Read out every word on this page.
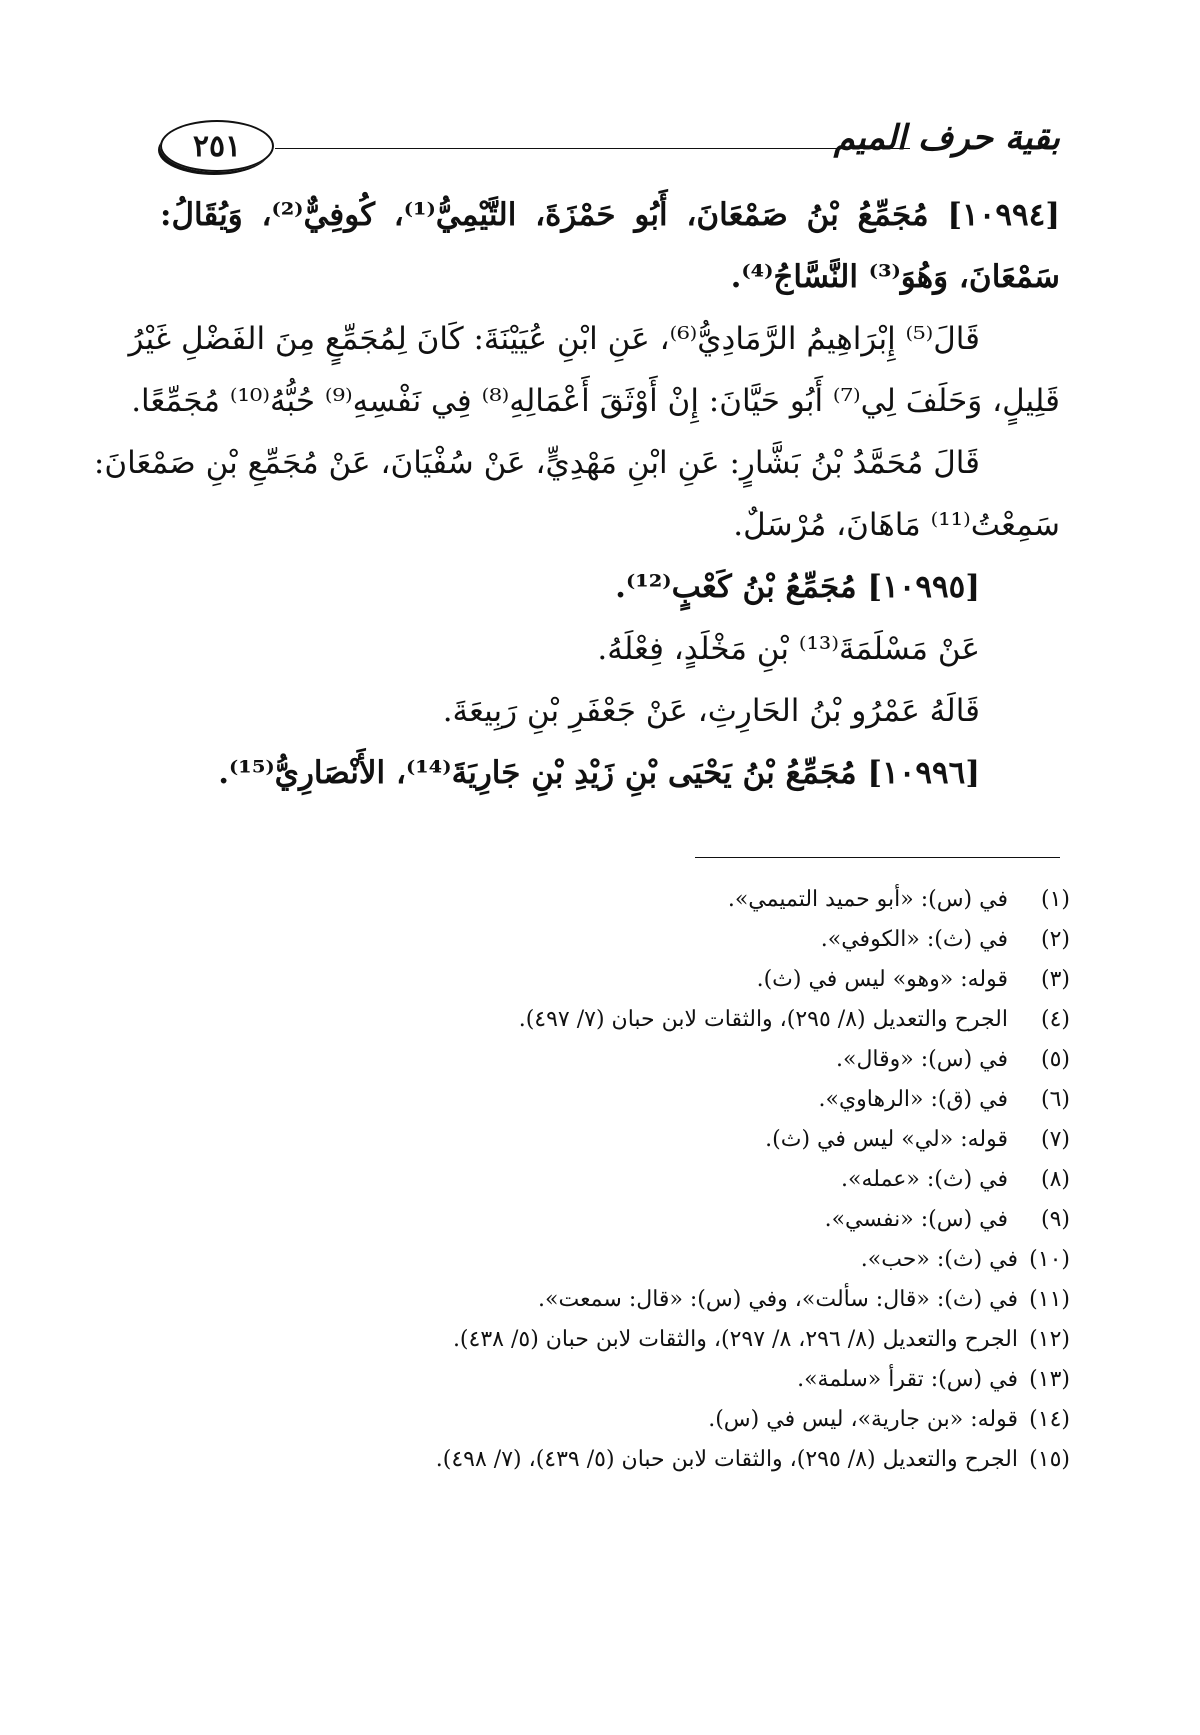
بقية حرف الميم
٢٥١
[١٠٩٩٤] مُجَمِّعُ بْنُ صَمْعَانَ، أَبُو حَمْزَةَ، التَّيْمِيُّ⁽¹⁾، كُوفِيٌّ⁽²⁾، وَيُقَالُ:
سَمْعَانَ، وَهُوَ⁽³⁾ النَّسَّاجُ⁽⁴⁾.
قَالَ⁽⁵⁾ إِبْرَاهِيمُ الرَّمَادِيُّ⁽⁶⁾، عَنِ ابْنِ عُيَيْنَةَ: كَانَ لِمُجَمِّعٍ مِنَ الفَضْلِ غَيْرُ
قَلِيلٍ، وَحَلَفَ لِي⁽⁷⁾ أَبُو حَيَّانَ: إِنْ أَوْثَقَ أَعْمَالِهِ⁽⁸⁾ فِي نَفْسِهِ⁽⁹⁾ حُبُّهُ⁽¹⁰⁾ مُجَمِّعًا.
قَالَ مُحَمَّدُ بْنُ بَشَّارٍ: عَنِ ابْنِ مَهْدِيٍّ، عَنْ سُفْيَانَ، عَنْ مُجَمِّعِ بْنِ صَمْعَانَ:
سَمِعْتُ⁽¹¹⁾ مَاهَانَ، مُرْسَلٌ.
[١٠٩٩٥] مُجَمِّعُ بْنُ كَعْبٍ⁽¹²⁾.
عَنْ مَسْلَمَةَ⁽¹³⁾ بْنِ مَخْلَدٍ، فِعْلَهُ.
قَالَهُ عَمْرُو بْنُ الحَارِثِ، عَنْ جَعْفَرِ بْنِ رَبِيعَةَ.
[١٠٩٩٦] مُجَمِّعُ بْنُ يَحْيَى بْنِ زَيْدِ بْنِ جَارِيَةَ⁽¹⁴⁾، الأَنْصَارِيُّ⁽¹⁵⁾.
(١)
في (س): «أبو حميد التميمي».
(٢)
في (ث): «الكوفي».
(٣)
قوله: «وهو» ليس في (ث).
(٤)
الجرح والتعديل (٨/ ٢٩٥)، والثقات لابن حبان (٧/ ٤٩٧).
(٥)
في (س): «وقال».
(٦)
في (ق): «الرهاوي».
(٧)
قوله: «لي» ليس في (ث).
(٨)
في (ث): «عمله».
(٩)
في (س): «نفسي».
(١٠)
في (ث): «حب».
(١١)
في (ث): «قال: سألت»، وفي (س): «قال: سمعت».
(١٢)
الجرح والتعديل (٨/ ٢٩٦، ٨/ ٢٩٧)، والثقات لابن حبان (٥/ ٤٣٨).
(١٣)
في (س): تقرأ «سلمة».
(١٤)
قوله: «بن جارية»، ليس في (س).
(١٥)
الجرح والتعديل (٨/ ٢٩٥)، والثقات لابن حبان (٥/ ٤٣٩)، (٧/ ٤٩٨).
